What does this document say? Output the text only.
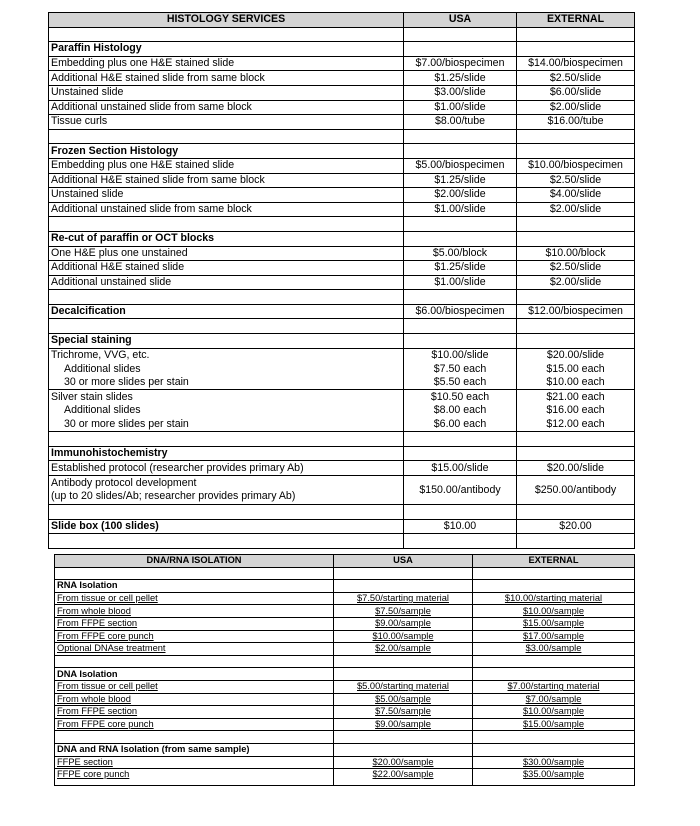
HISTOLOGY SERVICES	USA	EXTERNAL

Paraffin Histology		
Embedding plus one H&E stained slide	$7.00/biospecimen	$14.00/biospecimen
Additional H&E stained slide from same block	$1.25/slide	$2.50/slide
Unstained slide	$3.00/slide	$6.00/slide
Additional unstained slide from same block	$1.00/slide	$2.00/slide
Tissue curls	$8.00/tube	$16.00/tube

Frozen Section Histology		
Embedding plus one H&E stained slide	$5.00/biospecimen	$10.00/biospecimen
Additional H&E stained slide from same block	$1.25/slide	$2.50/slide
Unstained slide	$2.00/slide	$4.00/slide
Additional unstained slide from same block	$1.00/slide	$2.00/slide

Re-cut of paraffin or OCT blocks		
One H&E plus one unstained	$5.00/block	$10.00/block
Additional H&E stained slide	$1.25/slide	$2.50/slide
Additional unstained slide	$1.00/slide	$2.00/slide

Decalcification	$6.00/biospecimen	$12.00/biospecimen

Special staining		
Trichrome, VVG, etc.	$10.00/slide	$20.00/slide
Additional slides	$7.50 each	$15.00 each
30 or more slides per stain	$5.50 each	$10.00 each
Silver stain slides	$10.50 each	$21.00 each
Additional slides	$8.00 each	$16.00 each
30 or more slides per stain	$6.00 each	$12.00 each

Immunohistochemistry		
Established protocol (researcher provides primary Ab)	$15.00/slide	$20.00/slide

Antibody protocol development
(up to 20 slides/Ab; researcher provides primary Ab)	$150.00/antibody	$250.00/antibody

Slide box (100 slides)	$10.00	$20.00

DNA/RNA ISOLATION	USA	EXTERNAL

RNA Isolation		
From tissue or cell pellet	$7.50/starting material	$10.00/starting material
From whole blood	$7.50/sample	$10.00/sample
From FFPE section	$9.00/sample	$15.00/sample
From FFPE core punch	$10.00/sample	$17.00/sample
Optional DNAse treatment	$2.00/sample	$3.00/sample

DNA Isolation		
From tissue or cell pellet	$5.00/starting material	$7.00/starting material
From whole blood	$5.00/sample	$7.00/sample
From FFPE section	$7.50/sample	$10.00/sample
From FFPE core punch	$9.00/sample	$15.00/sample

DNA and RNA Isolation (from same sample)		
FFPE section	$20.00/sample	$30.00/sample
FFPE core punch	$22.00/sample	$35.00/sample
